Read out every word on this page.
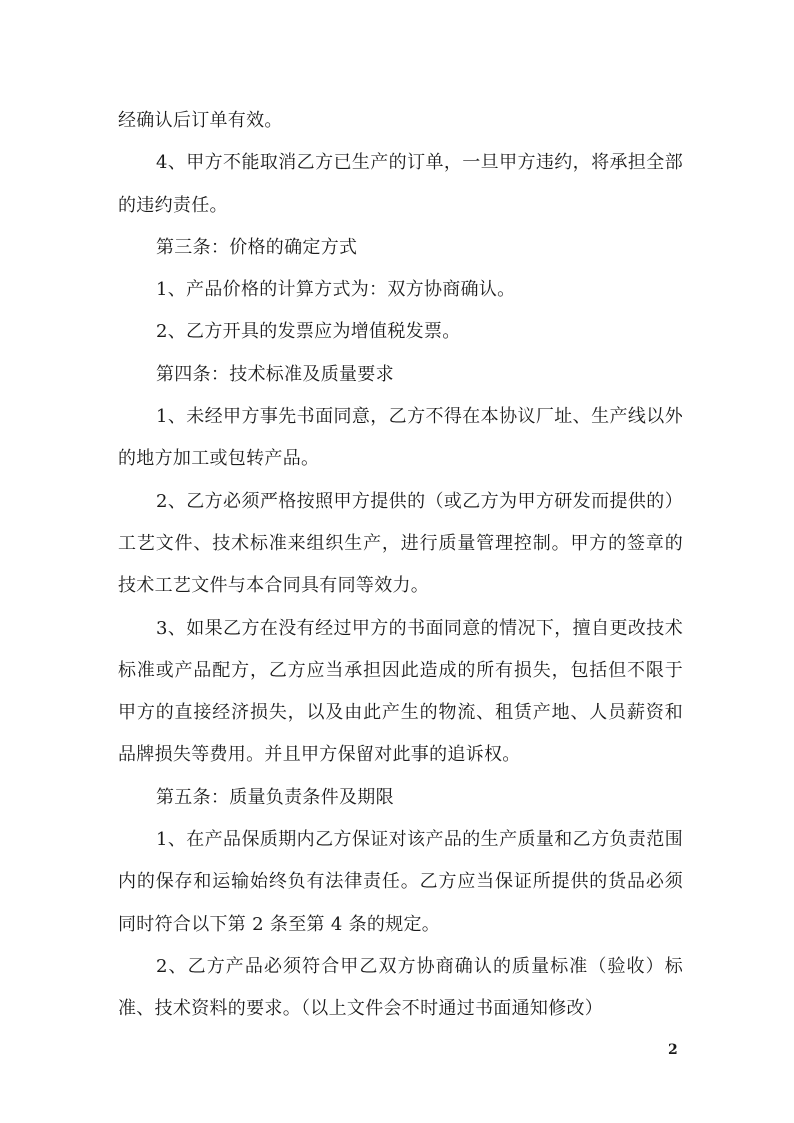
经确认后订单有效。

4、甲方不能取消乙方已生产的订单，一旦甲方违约，将承担全部的违约责任。

第三条：价格的确定方式

1、产品价格的计算方式为：双方协商确认。

2、乙方开具的发票应为增值税发票。

第四条：技术标准及质量要求

1、未经甲方事先书面同意，乙方不得在本协议厂址、生产线以外的地方加工或包转产品。

2、乙方必须严格按照甲方提供的（或乙方为甲方研发而提供的）工艺文件、技术标准来组织生产，进行质量管理控制。甲方的签章的技术工艺文件与本合同具有同等效力。

3、如果乙方在没有经过甲方的书面同意的情况下，擅自更改技术标准或产品配方，乙方应当承担因此造成的所有损失，包括但不限于甲方的直接经济损失，以及由此产生的物流、租赁产地、人员薪资和品牌损失等费用。并且甲方保留对此事的追诉权。

第五条：质量负责条件及期限

1、在产品保质期内乙方保证对该产品的生产质量和乙方负责范围内的保存和运输始终负有法律责任。乙方应当保证所提供的货品必须同时符合以下第 2 条至第 4 条的规定。

2、乙方产品必须符合甲乙双方协商确认的质量标准（验收）标准、技术资料的要求。（以上文件会不时通过书面通知修改）

2
